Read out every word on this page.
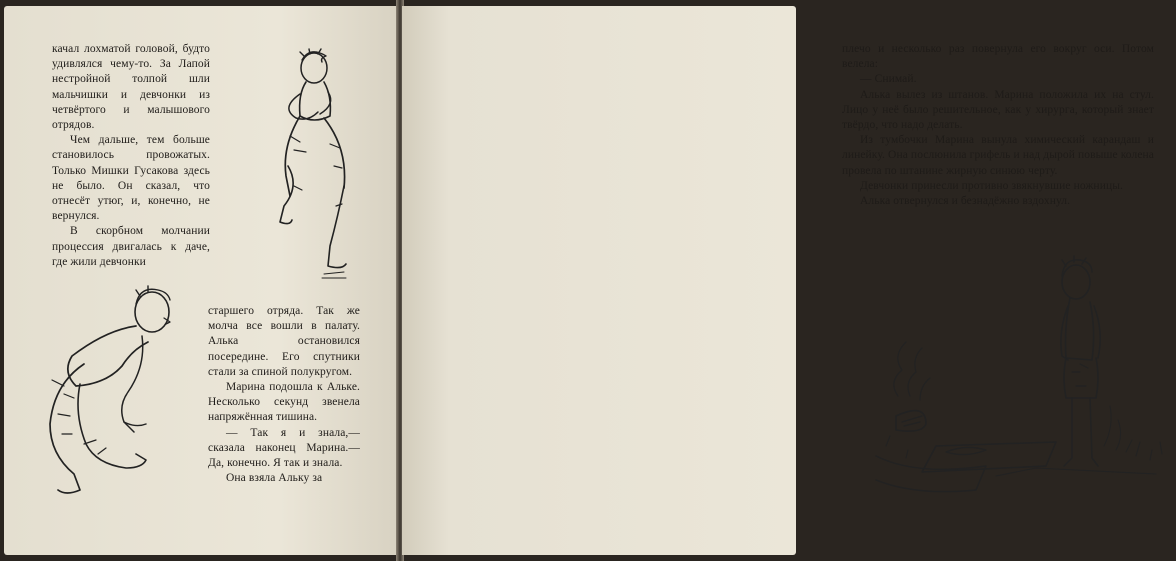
качал лохматой головой, будто удивлялся чему-то. За Лапой нестройной толпой шли мальчишки и девчонки из четвёртого и малышового отрядов.

Чем дальше, тем больше становилось провожатых. Только Мишки Гусакова здесь не было. Он сказал, что отнесёт утюг, и, конечно, не вернулся.

В скорбном молчании процессия двигалась к даче, где жили девчонки

старшего отряда. Так же молча все вошли в палату. Алька остановился посередине. Его спутники стали за спиной полукругом.

Марина подошла к Альке. Несколько секунд звенела напряжённая тишина.

— Так я и знала,— сказала наконец Марина.— Да, конечно. Я так и знала.

Она взяла Альку за

плечо и несколько раз повернула его вокруг оси. Потом велела:

— Снимай.

Алька вылез из штанов. Марина положила их на стул. Лицо у неё было решительное, как у хирурга, который знает твёрдо, что надо делать.

Из тумбочки Марина вынула химический карандаш и линейку. Она послюнила грифель и над дырой повыше колена провела по штанине жирную синюю черту.

Девчонки принесли противно звякнувшие ножницы.

Алька отвернулся и безнадёжно вздохнул.
